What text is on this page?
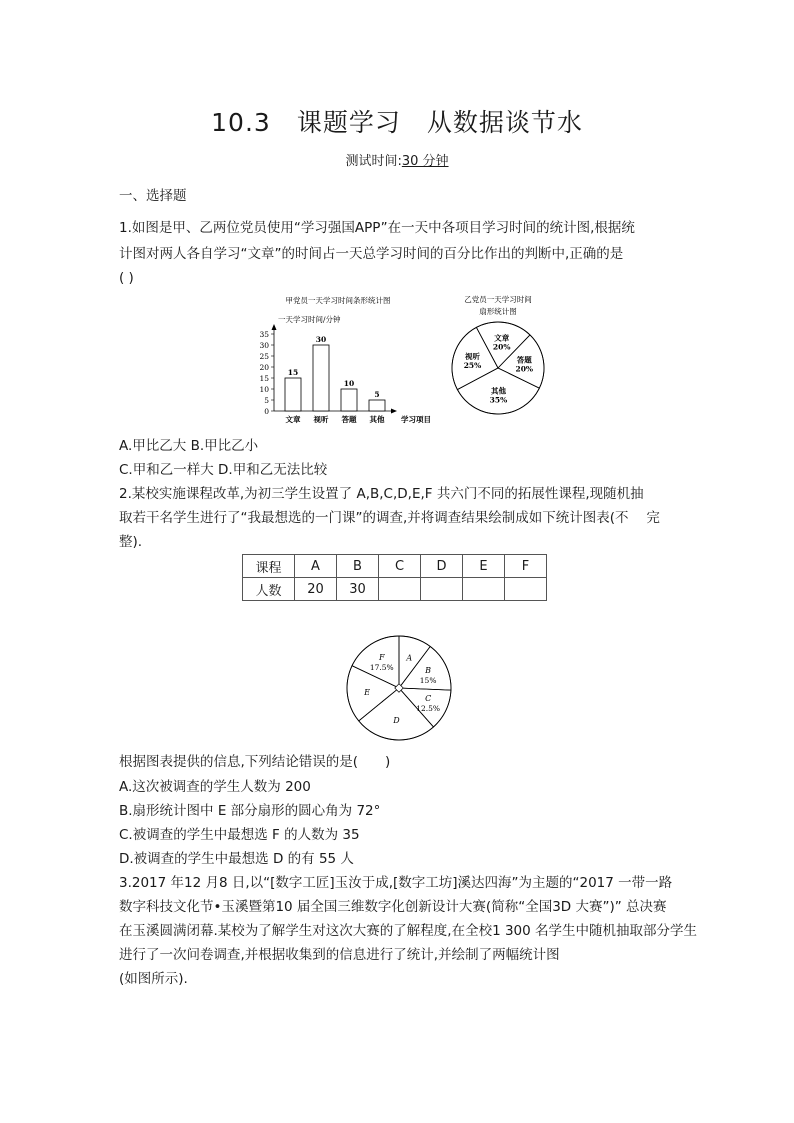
10.3　课题学习　从数据谈节水
测试时间:30 分钟
一、选择题
1.如图是甲、乙两位党员使用“学习强国APP”在一天中各项目学习时间的统计图,根据统
计图对两人各自学习“文章”的时间占一天总学习时间的百分比作出的判断中,正确的是
( )
甲党员一天学习时间条形统计图
一天学习时间/分钟
0
5
10
15
20
25
30
35
15
文章
30
视听
10
答题
5
其他 学习项目
乙党员一天学习时间
扇形统计图
文章
20%
答题
20%
其他
35%
视听
25%
A.甲比乙大 B.甲比乙小
C.甲和乙一样大 D.甲和乙无法比较
2.某校实施课程改革,为初三学生设置了 A,B,C,D,E,F 共六门不同的拓展性课程,现随机抽
取若干名学生进行了“我最想选的一门课”的调查,并将调查结果绘制成如下统计图表(不　 完
整).
课程	A	B	C	D	E	F
人数	20	30				
A
B
15%
C
12.5%
D
E
F
17.5%
根据图表提供的信息,下列结论错误的是(　　)
A.这次被调查的学生人数为 200
B.扇形统计图中 E 部分扇形的圆心角为 72°
C.被调查的学生中最想选 F 的人数为 35
D.被调查的学生中最想选 D 的有 55 人
3.2017 年12 月8 日,以“[数字工匠]玉汝于成,[数字工坊]溪达四海”为主题的“2017 一带一路
数字科技文化节•玉溪暨第10 届全国三维数字化创新设计大赛(简称“全国3D 大赛”)” 总决赛
在玉溪圆满闭幕.某校为了解学生对这次大赛的了解程度,在全校1 300 名学生中随机抽取部分学生
进行了一次问卷调查,并根据收集到的信息进行了统计,并绘制了两幅统计图
(如图所示).
